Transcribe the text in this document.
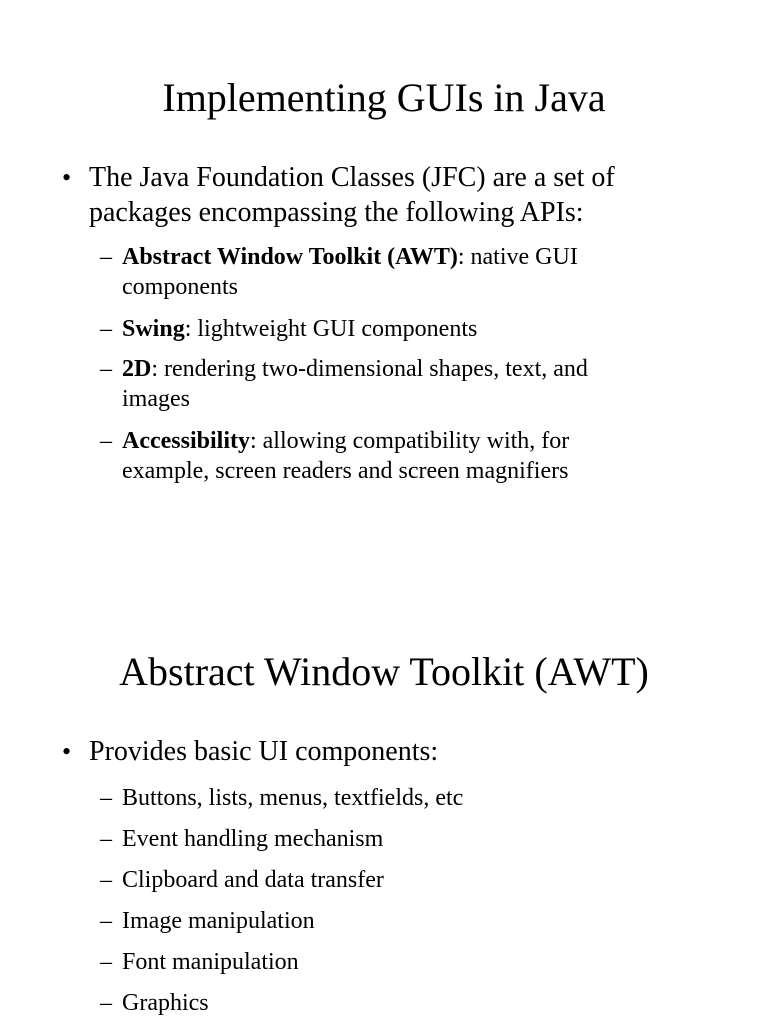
Implementing GUIs in Java
• The Java Foundation Classes (JFC) are a set of packages encompassing the following APIs:
– Abstract Window Toolkit (AWT): native GUI components
– Swing: lightweight GUI components
– 2D: rendering two-dimensional shapes, text, and images
– Accessibility: allowing compatibility with, for example, screen readers and screen magnifiers
Abstract Window Toolkit (AWT)
• Provides basic UI components:
– Buttons, lists, menus, textfields, etc
– Event handling mechanism
– Clipboard and data transfer
– Image manipulation
– Font manipulation
– Graphics
